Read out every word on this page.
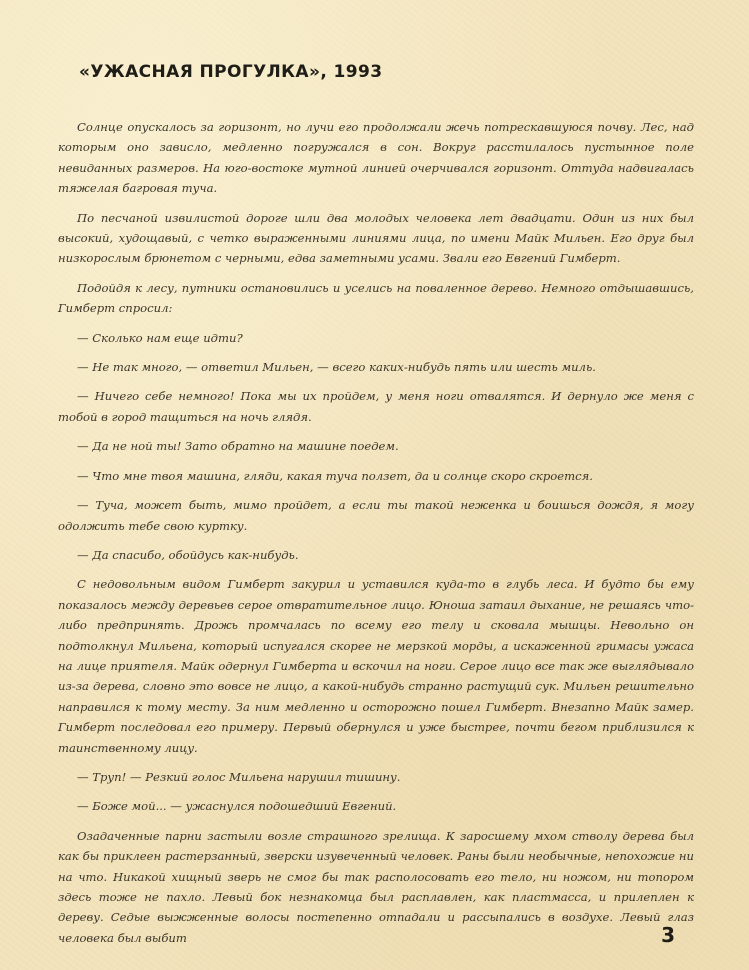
«УЖАСНАЯ ПРОГУЛКА», 1993

Солнце опускалось за горизонт, но лучи его продолжали жечь потрескавшуюся почву. Лес, над которым оно зависло, медленно погружался в сон. Вокруг расстилалось пустынное поле невиданных размеров. На юго-востоке мутной линией очерчивался горизонт. Оттуда надвигалась тяжелая багровая туча.

По песчаной извилистой дороге шли два молодых человека лет двадцати. Один из них был высокий, худощавый, с четко выраженными линиями лица, по имени Майк Мильен. Его друг был низкорослым брюнетом с черными, едва заметными усами. Звали его Евгений Гимберт.

Подойдя к лесу, путники остановились и уселись на поваленное дерево. Немного отдышавшись, Гимберт спросил:

— Сколько нам еще идти?

— Не так много, — ответил Мильен, — всего каких-нибудь пять или шесть миль.

— Ничего себе немного! Пока мы их пройдем, у меня ноги отвалятся. И дернуло же меня с тобой в город тащиться на ночь глядя.

— Да не ной ты! Зато обратно на машине поедем.

— Что мне твоя машина, гляди, какая туча ползет, да и солнце скоро скроется.

— Туча, может быть, мимо пройдет, а если ты такой неженка и боишься дождя, я могу одолжить тебе свою куртку.

— Да спасибо, обойдусь как-нибудь.

С недовольным видом Гимберт закурил и уставился куда-то в глубь леса. И будто бы ему показалось между деревьев серое отвратительное лицо. Юноша затаил дыхание, не решаясь что-либо предпринять. Дрожь промчалась по всему его телу и сковала мышцы. Невольно он подтолкнул Мильена, который испугался скорее не мерзкой морды, а искаженной гримасы ужаса на лице приятеля. Майк одернул Гимберта и вскочил на ноги. Серое лицо все так же выглядывало из-за дерева, словно это вовсе не лицо, а какой-нибудь странно растущий сук. Мильен решительно направился к тому месту. За ним медленно и осторожно пошел Гимберт. Внезапно Майк замер. Гимберт последовал его примеру. Первый обернулся и уже быстрее, почти бегом приблизился к таинственному лицу.

— Труп! — Резкий голос Мильена нарушил тишину.

— Боже мой... — ужаснулся подошедший Евгений.

Озадаченные парни застыли возле страшного зрелища. К заросшему мхом стволу дерева был как бы приклеен растерзанный, зверски изувеченный человек. Раны были необычные, непохожие ни на что. Никакой хищный зверь не смог бы так располосовать его тело, ни ножом, ни топором здесь тоже не пахло. Левый бок незнакомца был расплавлен, как пластмасса, и прилеплен к дереву. Седые выжженные волосы постепенно отпадали и рассыпались в воздухе. Левый глаз человека был выбит	3
